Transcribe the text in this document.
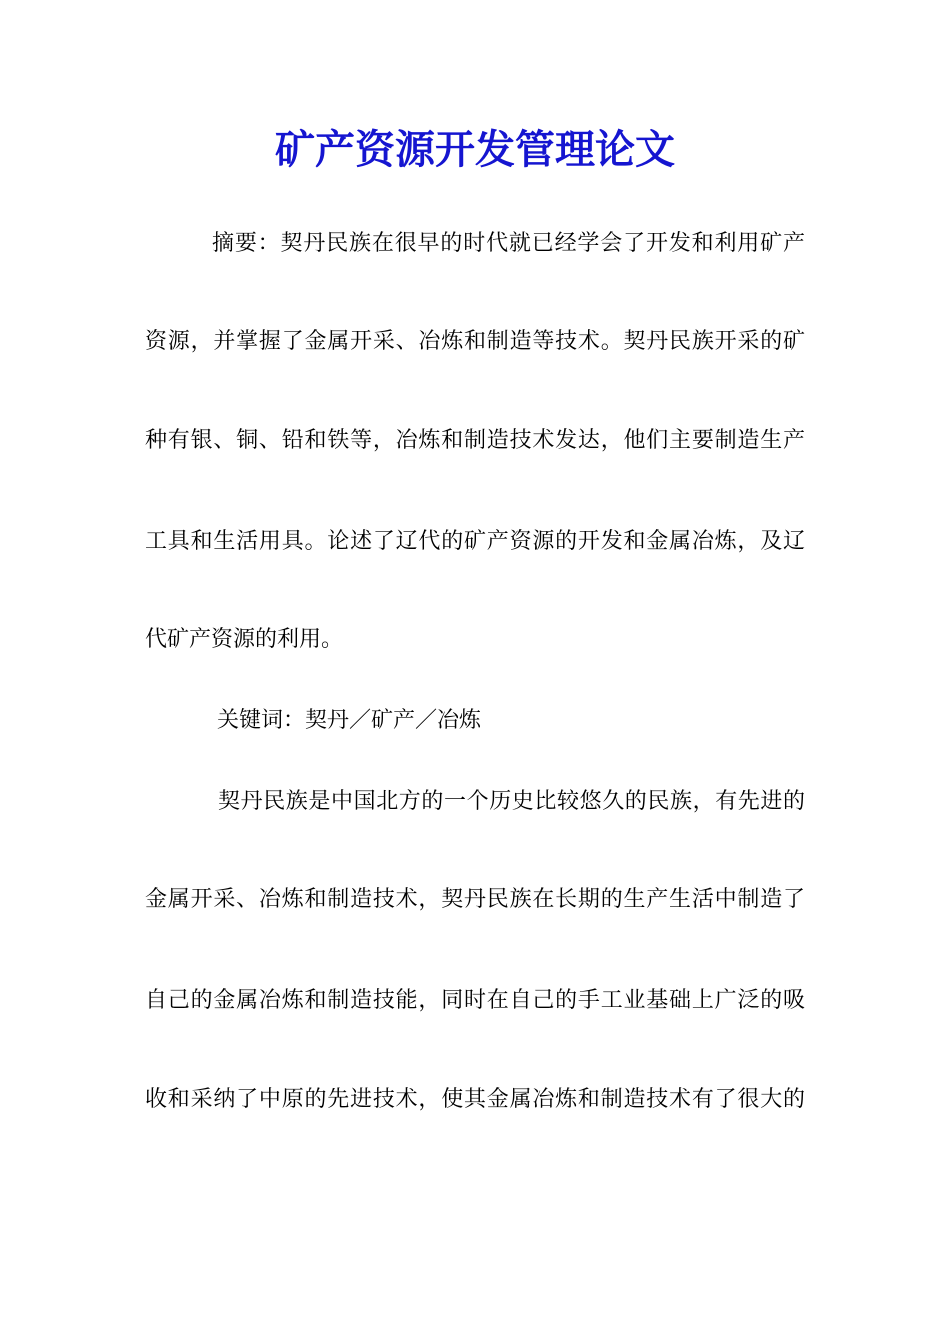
矿产资源开发管理论文
摘要：契丹民族在很早的时代就已经学会了开发和利用矿产
资源，并掌握了金属开采、冶炼和制造等技术。契丹民族开采的矿
种有银、铜、铅和铁等，冶炼和制造技术发达，他们主要制造生产
工具和生活用具。论述了辽代的矿产资源的开发和金属冶炼，及辽
代矿产资源的利用。
关键词：契丹／矿产／冶炼
契丹民族是中国北方的一个历史比较悠久的民族，有先进的
金属开采、冶炼和制造技术，契丹民族在长期的生产生活中制造了
自己的金属冶炼和制造技能，同时在自己的手工业基础上广泛的吸
收和采纳了中原的先进技术，使其金属冶炼和制造技术有了很大的
